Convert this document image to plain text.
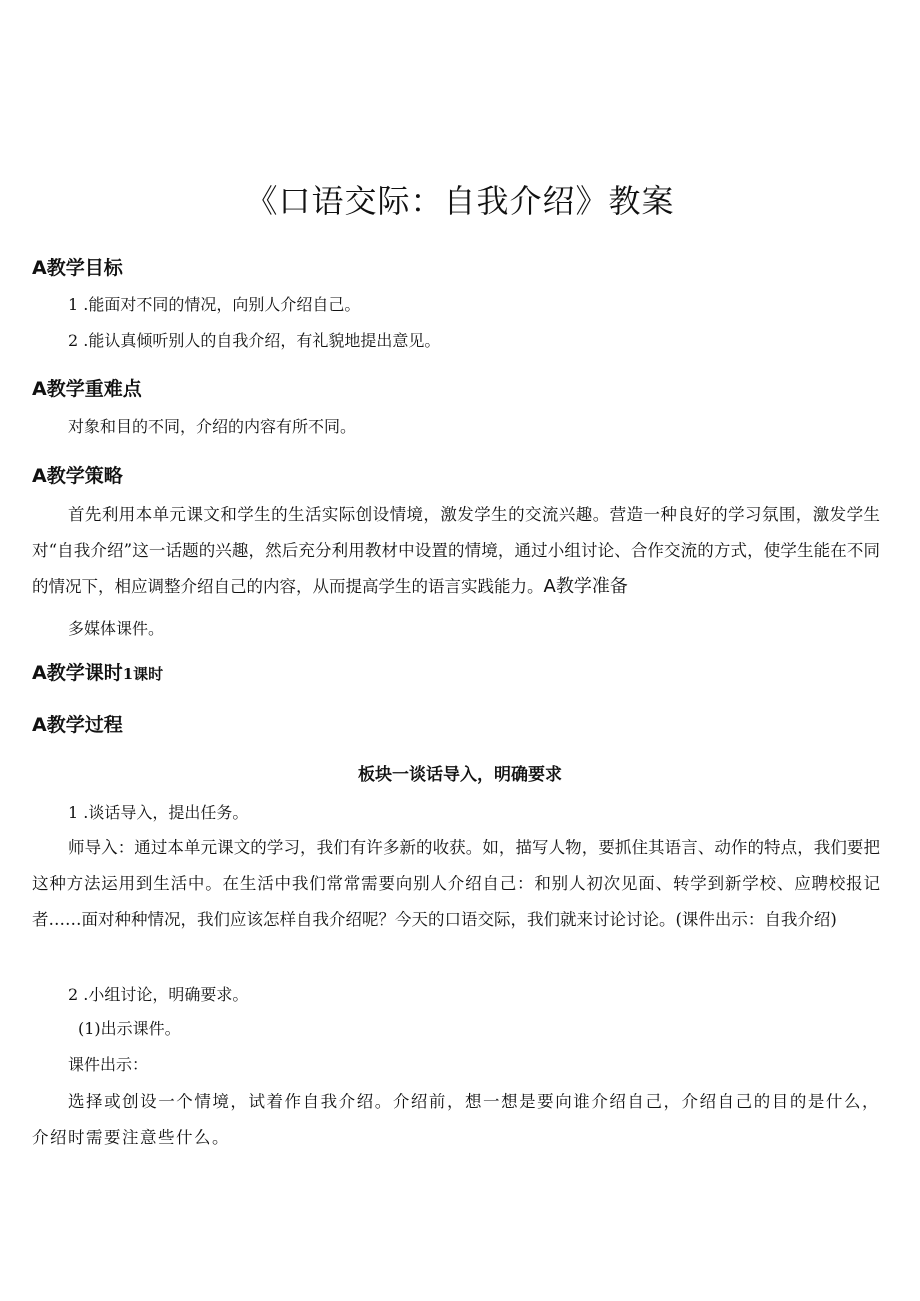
《口语交际：自我介绍》教案
A教学目标

1 .能面对不同的情况，向别人介绍自己。

2 .能认真倾听别人的自我介绍，有礼貌地提出意见。

A教学重难点

对象和目的不同，介绍的内容有所不同。

A教学策略

首先利用本单元课文和学生的生活实际创设情境，激发学生的交流兴趣。营造一种良好的学习氛围，激发学生对“自我介绍”这一话题的兴趣，然后充分利用教材中设置的情境，通过小组讨论、合作交流的方式，使学生能在不同的情况下，相应调整介绍自己的内容，从而提高学生的语言实践能力。A教学准备

多媒体课件。

A教学课时1课时
A教学过程
板块一谈话导入，明确要求

1 .谈话导入，提出任务。

师导入：通过本单元课文的学习，我们有许多新的收获。如，描写人物，要抓住其语言、动作的特点，我们要把这种方法运用到生活中。在生活中我们常常需要向别人介绍自己：和别人初次见面、转学到新学校、应聘校报记者……面对种种情况，我们应该怎样自我介绍呢？今天的口语交际，我们就来讨论讨论。(课件出示：自我介绍)

2 .小组讨论，明确要求。

(1)出示课件。

课件出示：

选择或创设一个情境，试着作自我介绍。介绍前，想一想是要向谁介绍自己，介绍自己的目的是什么，介绍时需要注意些什么。
